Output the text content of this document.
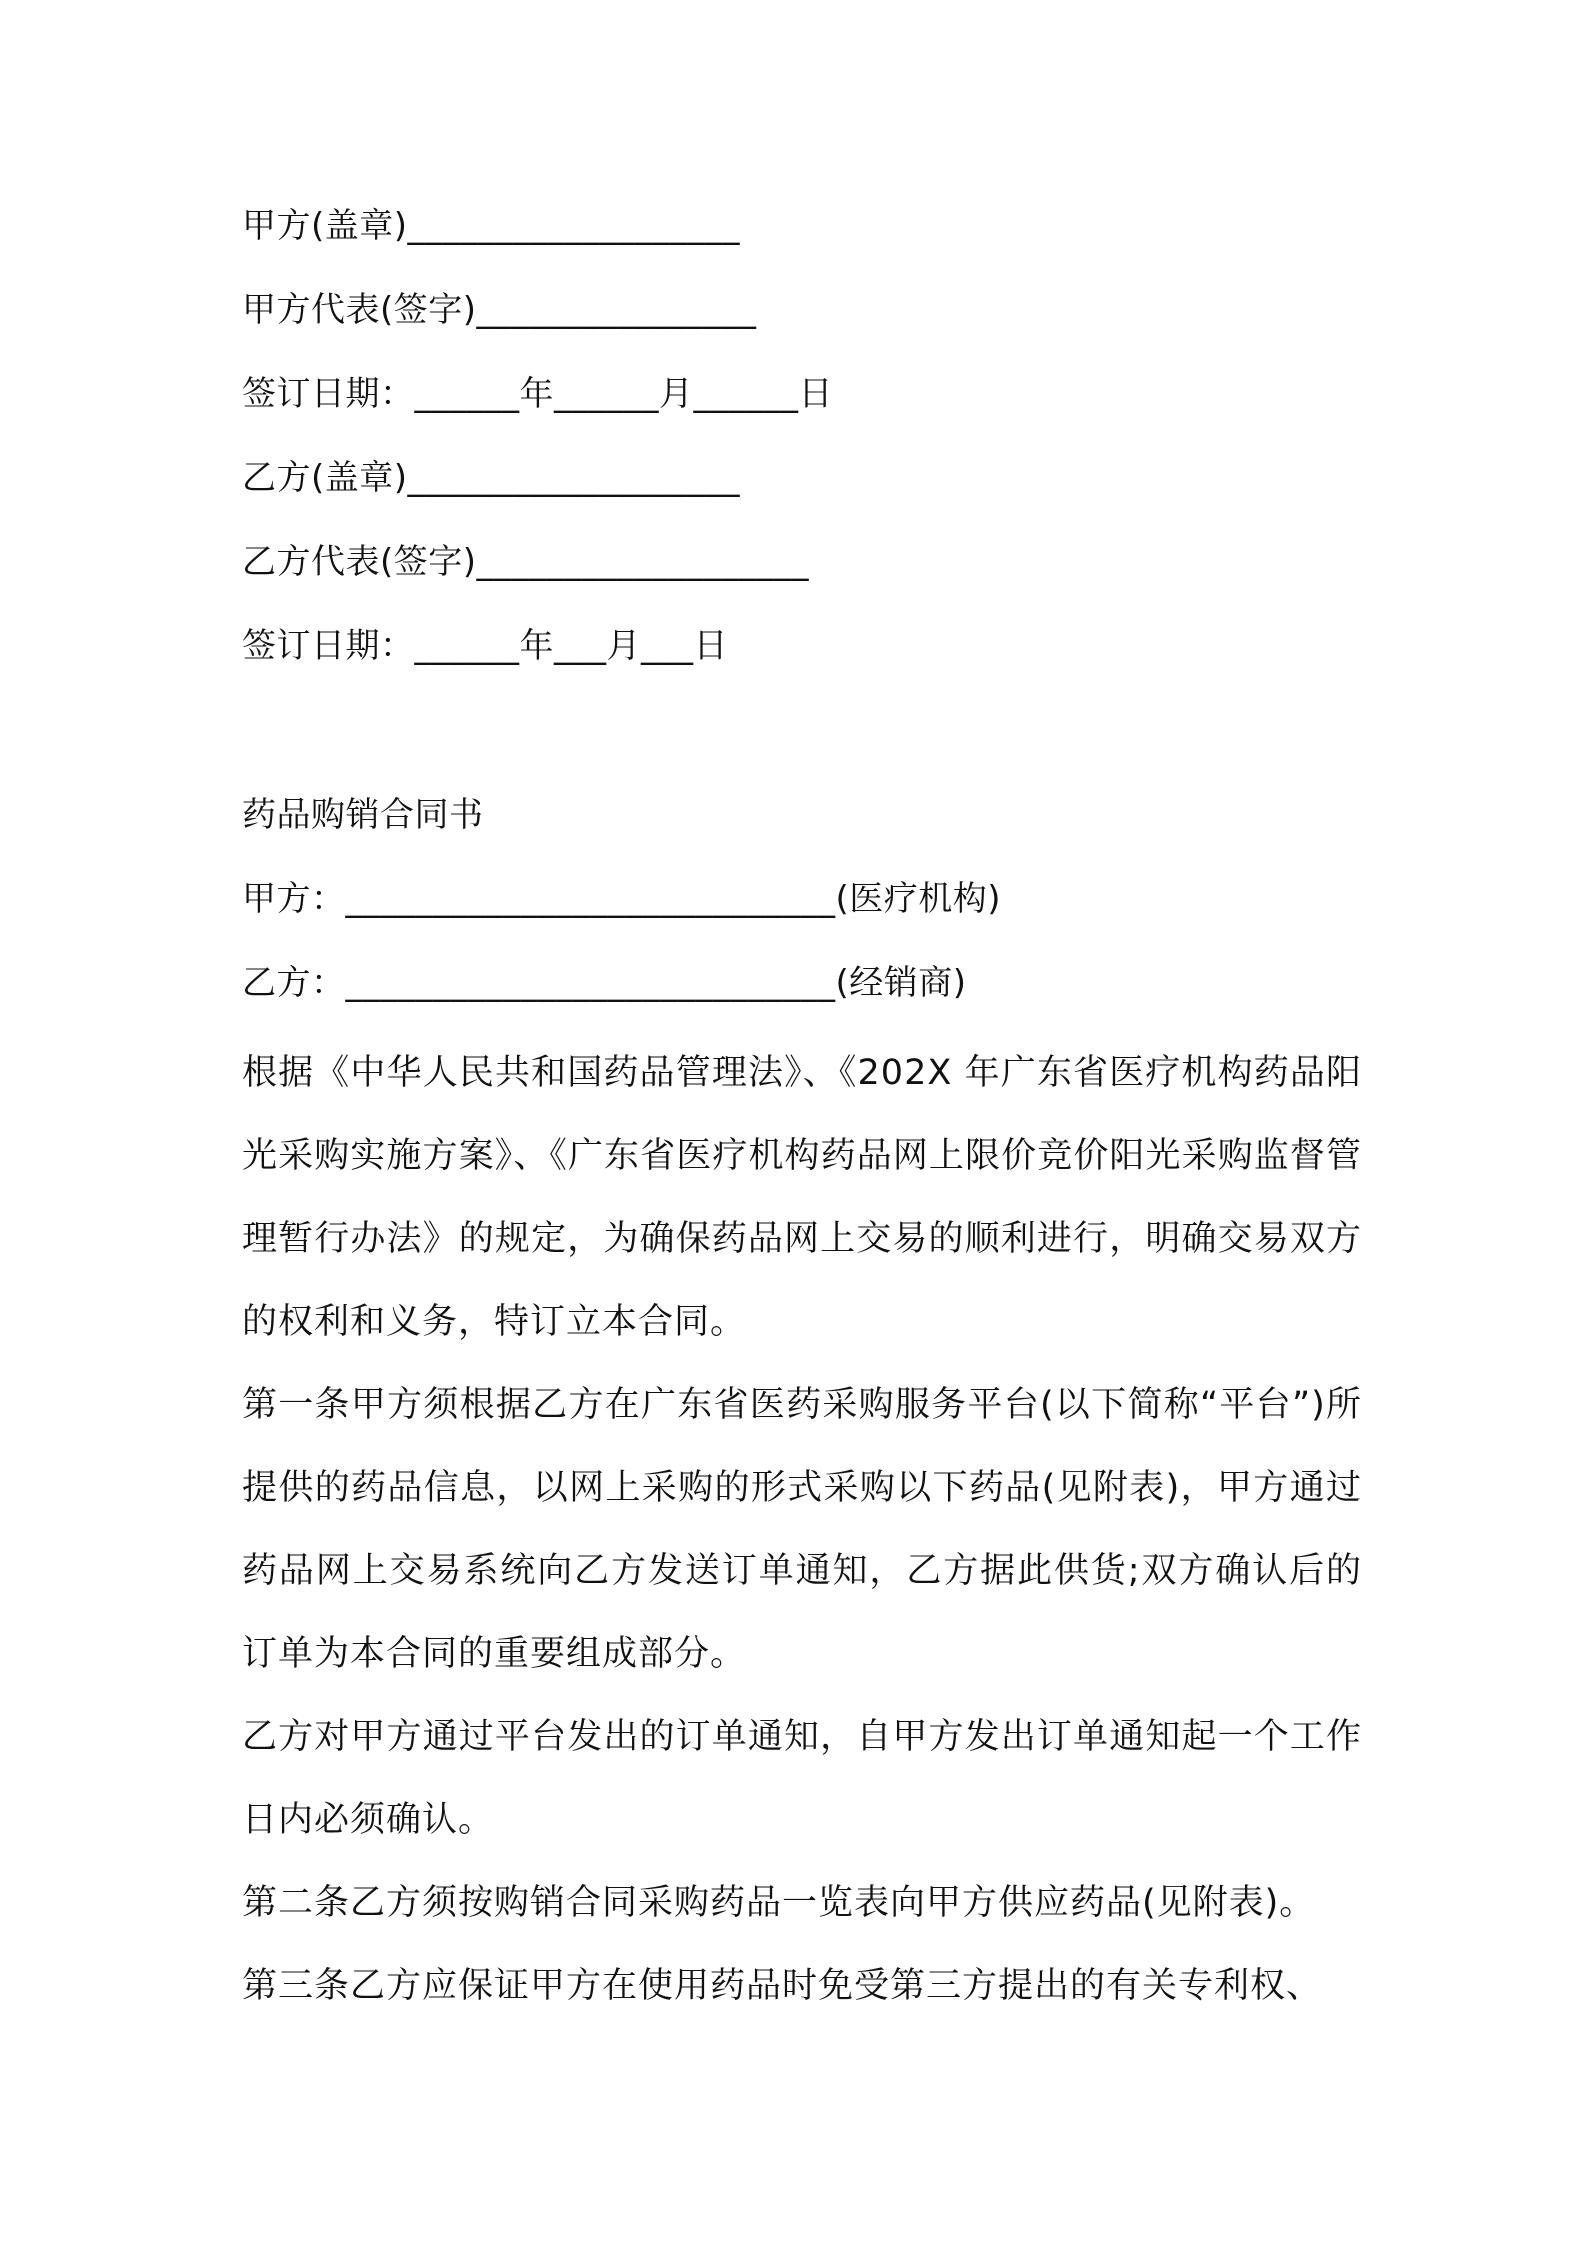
甲方(盖章)___________________

甲方代表(签字)________________

签订日期：______年______月______日

乙方(盖章)___________________

乙方代表(签字)___________________

签订日期：______年___月___日

药品购销合同书

甲方：____________________________(医疗机构)

乙方：____________________________(经销商)

根据《中华人民共和国药品管理法》、《202X 年广东省医疗机构药品阳光采购实施方案》、《广东省医疗机构药品网上限价竞价阳光采购监督管理暂行办法》的规定，为确保药品网上交易的顺利进行，明确交易双方的权利和义务，特订立本合同。

第一条甲方须根据乙方在广东省医药采购服务平台(以下简称“平台”)所提供的药品信息，以网上采购的形式采购以下药品(见附表)，甲方通过药品网上交易系统向乙方发送订单通知，乙方据此供货;双方确认后的订单为本合同的重要组成部分。

乙方对甲方通过平台发出的订单通知，自甲方发出订单通知起一个工作日内必须确认。

第二条乙方须按购销合同采购药品一览表向甲方供应药品(见附表)。

第三条乙方应保证甲方在使用药品时免受第三方提出的有关专利权、
